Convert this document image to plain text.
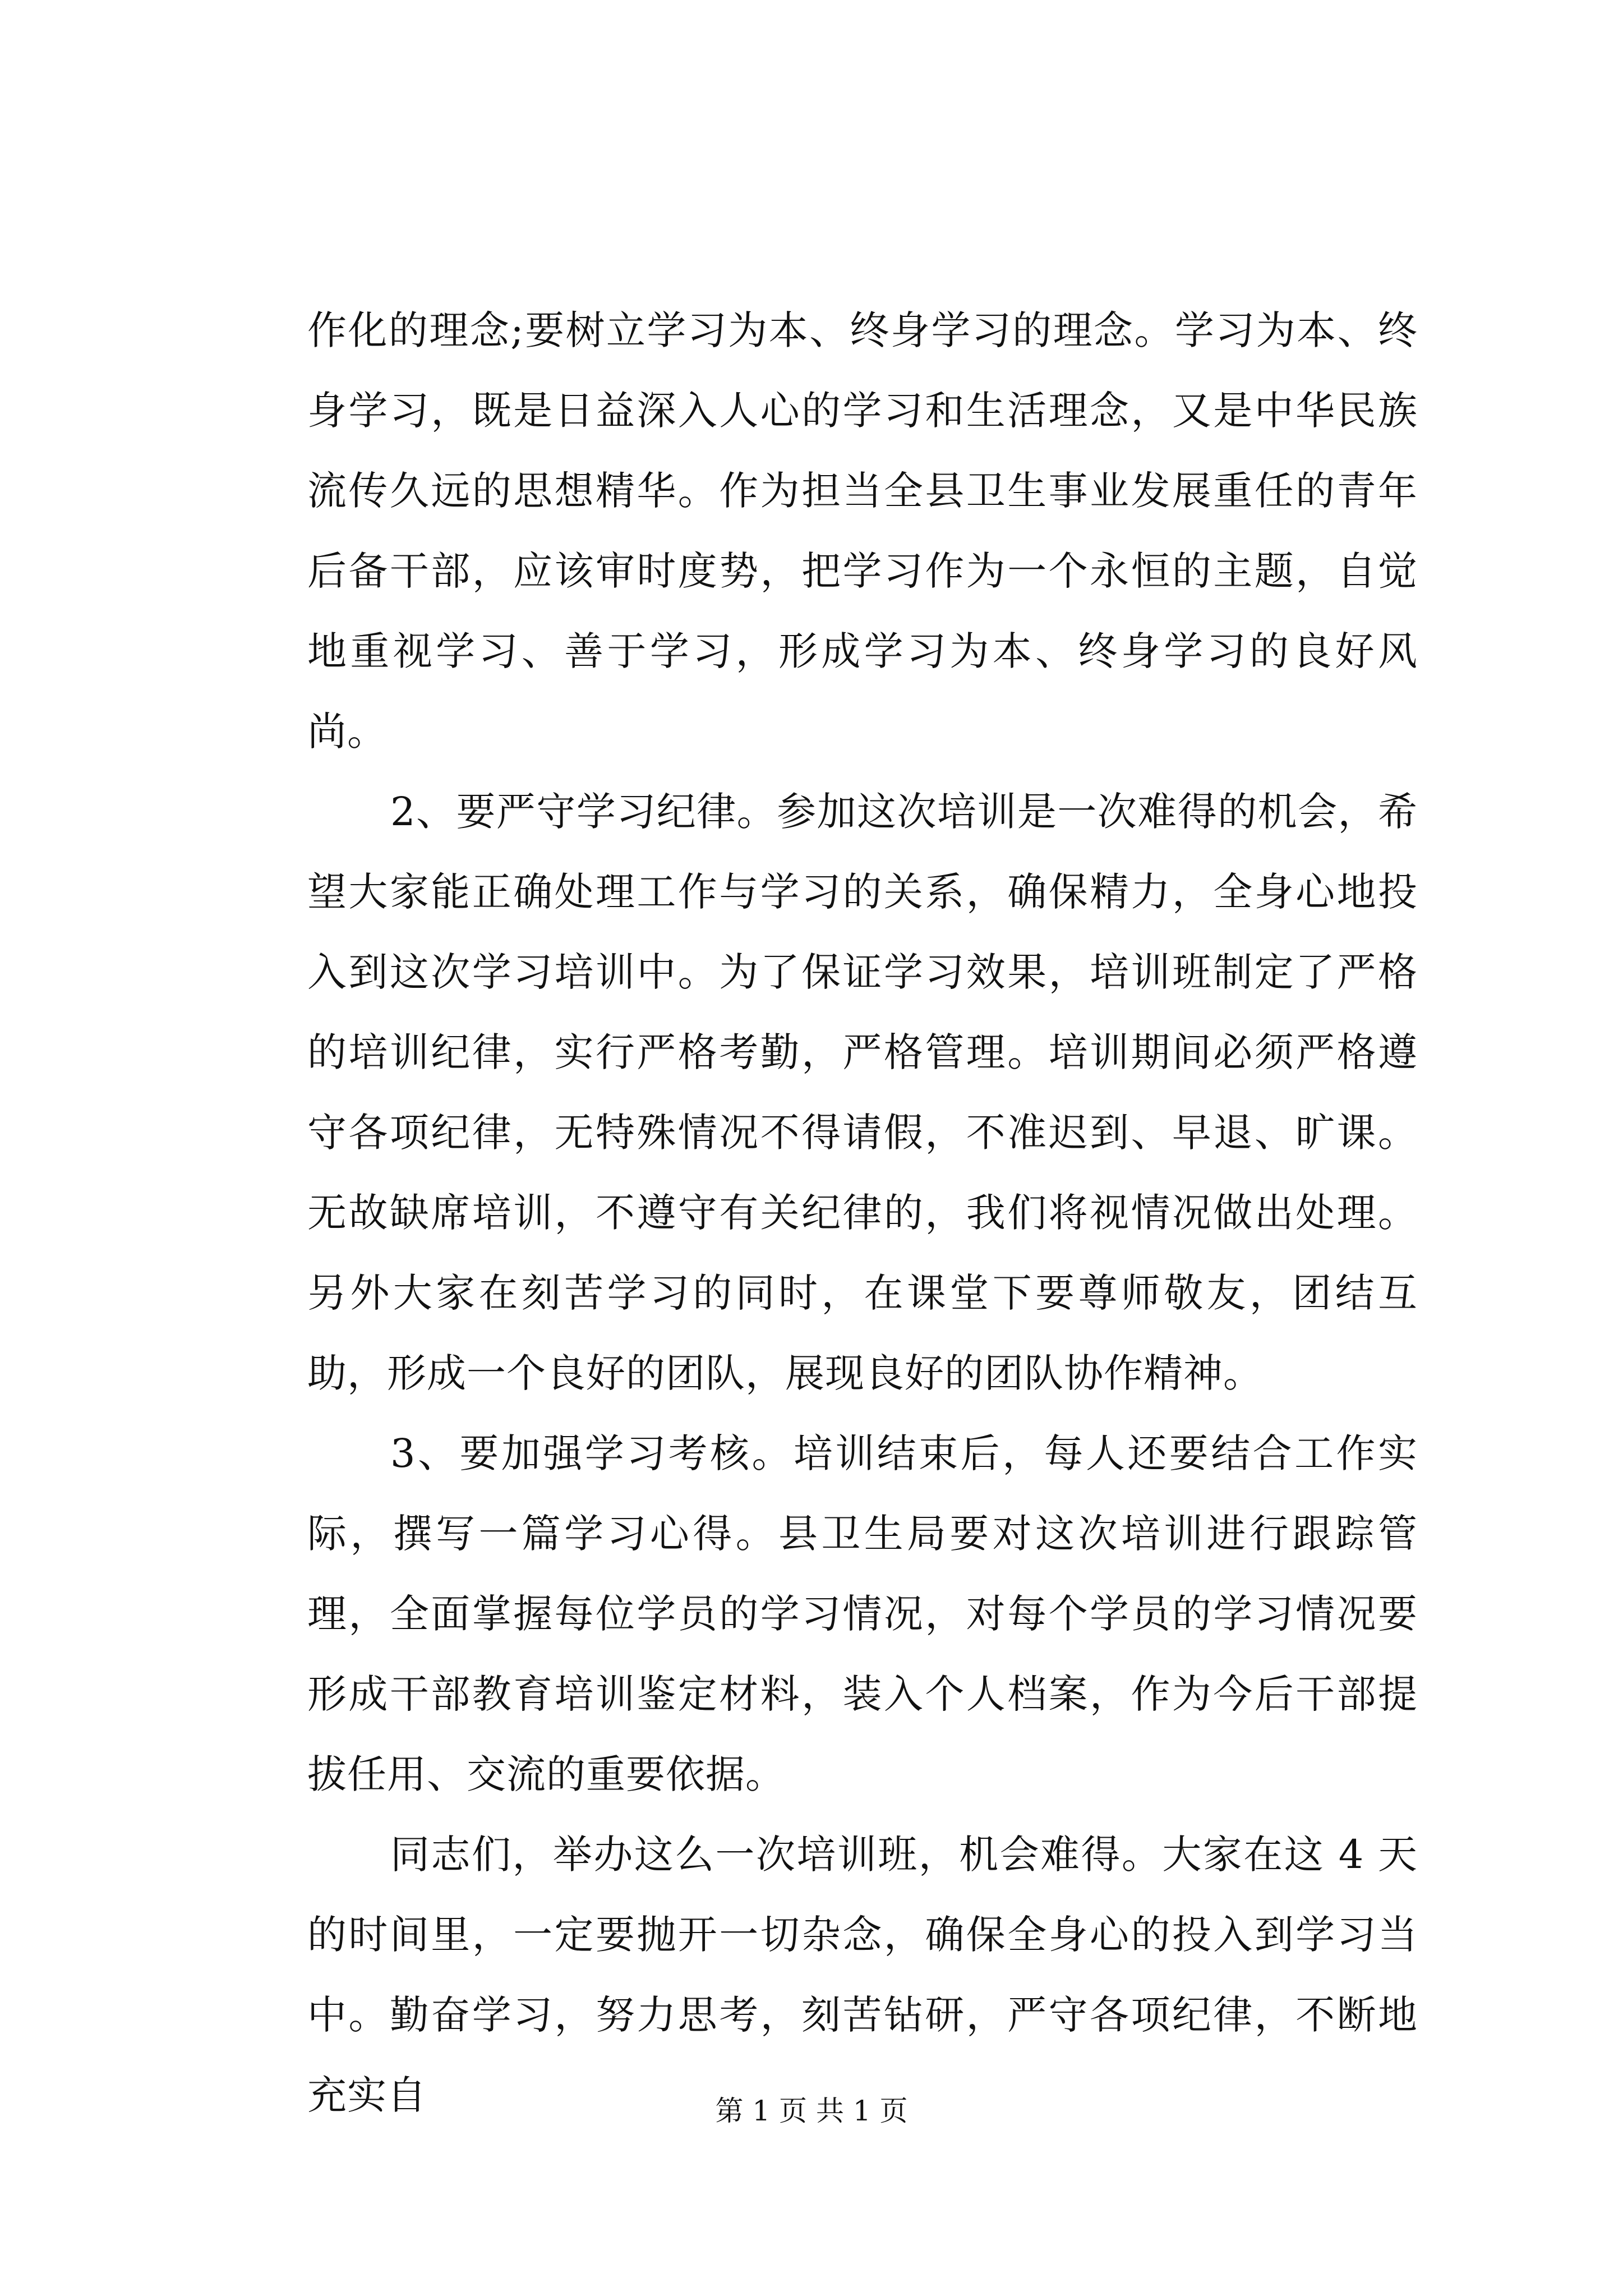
作化的理念;要树立学习为本、终身学习的理念。学习为本、终身学习，既是日益深入人心的学习和生活理念，又是中华民族流传久远的思想精华。作为担当全县卫生事业发展重任的青年后备干部，应该审时度势，把学习作为一个永恒的主题，自觉地重视学习、善于学习，形成学习为本、终身学习的良好风尚。

2、要严守学习纪律。参加这次培训是一次难得的机会，希望大家能正确处理工作与学习的关系，确保精力，全身心地投入到这次学习培训中。为了保证学习效果，培训班制定了严格的培训纪律，实行严格考勤，严格管理。培训期间必须严格遵守各项纪律，无特殊情况不得请假，不准迟到、早退、旷课。无故缺席培训，不遵守有关纪律的，我们将视情况做出处理。另外大家在刻苦学习的同时，在课堂下要尊师敬友，团结互助，形成一个良好的团队，展现良好的团队协作精神。

3、要加强学习考核。培训结束后，每人还要结合工作实际，撰写一篇学习心得。县卫生局要对这次培训进行跟踪管理，全面掌握每位学员的学习情况，对每个学员的学习情况要形成干部教育培训鉴定材料，装入个人档案，作为今后干部提拔任用、交流的重要依据。

同志们，举办这么一次培训班，机会难得。大家在这 4 天的时间里，一定要抛开一切杂念，确保全身心的投入到学习当中。勤奋学习，努力思考，刻苦钻研，严守各项纪律，不断地充实自	第 1 页 共 1 页
